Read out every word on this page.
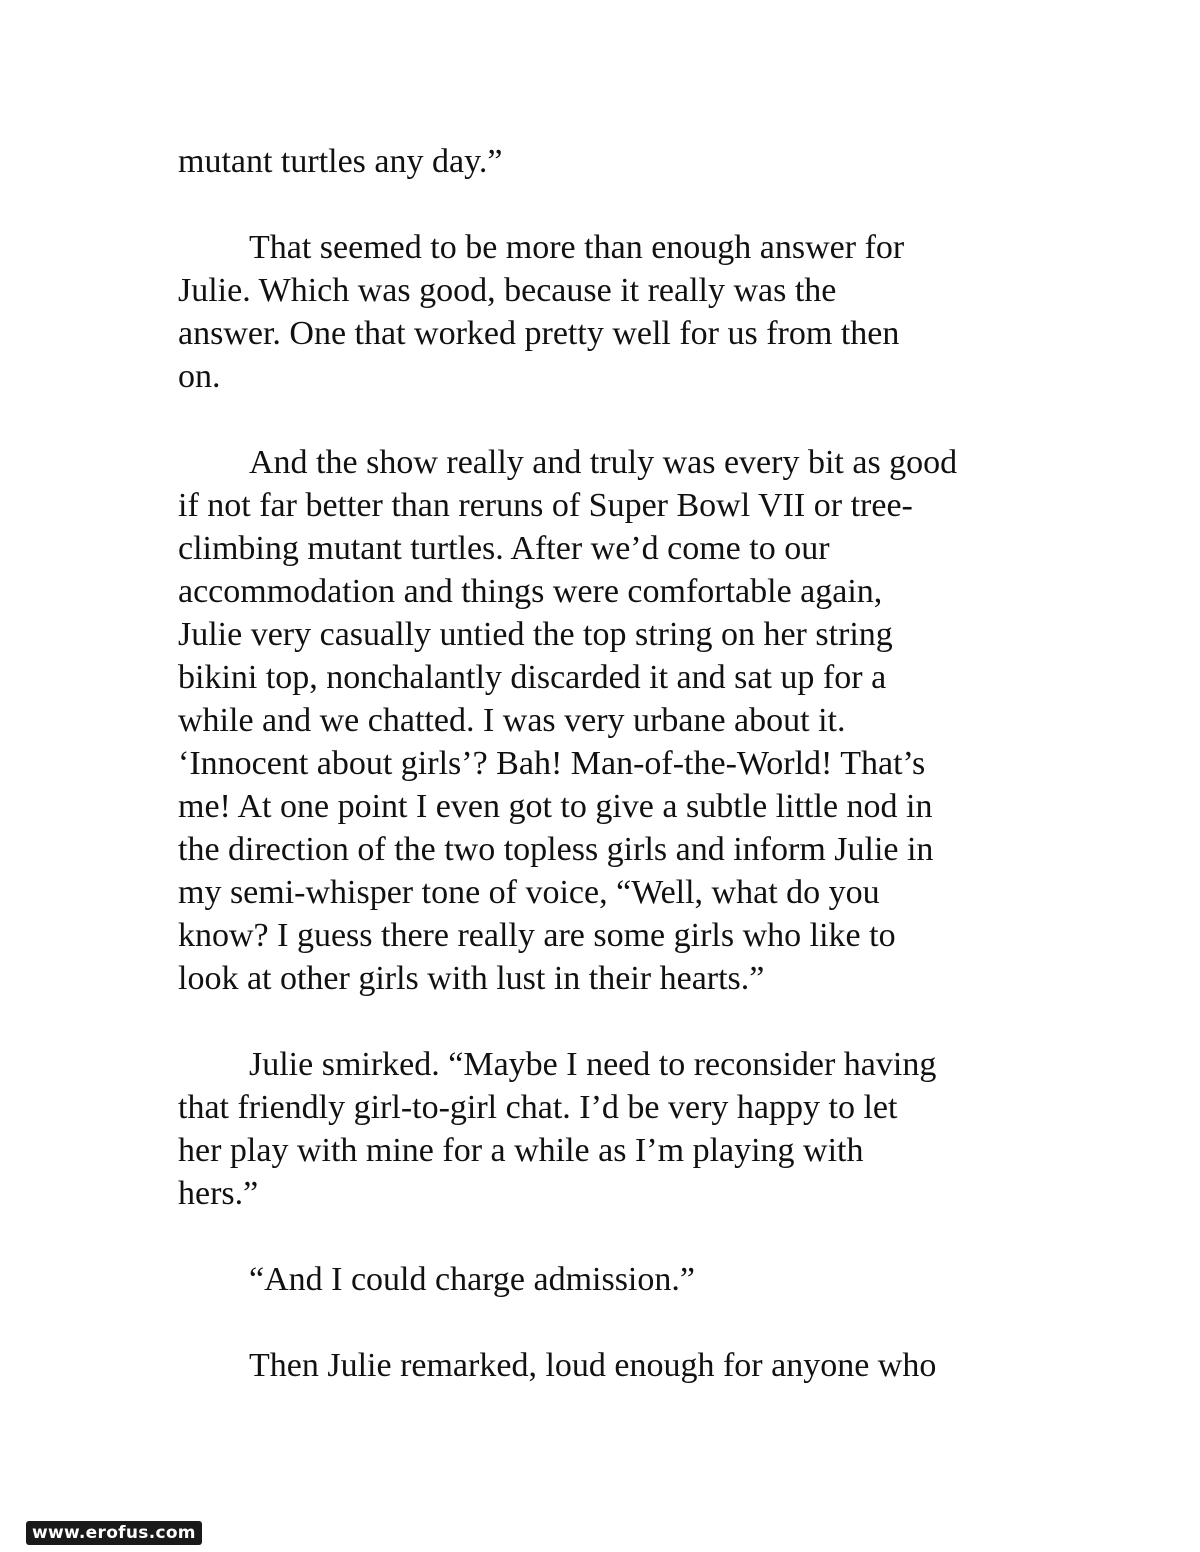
mutant turtles any day.”
That seemed to be more than enough answer for
Julie. Which was good, because it really was the
answer. One that worked pretty well for us from then
on.
And the show really and truly was every bit as good
if not far better than reruns of Super Bowl VII or tree-
climbing mutant turtles. After we’d come to our
accommodation and things were comfortable again,
Julie very casually untied the top string on her string
bikini top, nonchalantly discarded it and sat up for a
while and we chatted. I was very urbane about it.
‘Innocent about girls’? Bah! Man-of-the-World! That’s
me! At one point I even got to give a subtle little nod in
the direction of the two topless girls and inform Julie in
my semi-whisper tone of voice, “Well, what do you
know? I guess there really are some girls who like to
look at other girls with lust in their hearts.”
Julie smirked. “Maybe I need to reconsider having
that friendly girl-to-girl chat. I’d be very happy to let
her play with mine for a while as I’m playing with
hers.”
“And I could charge admission.”
Then Julie remarked, loud enough for anyone who
www.erofus.com
